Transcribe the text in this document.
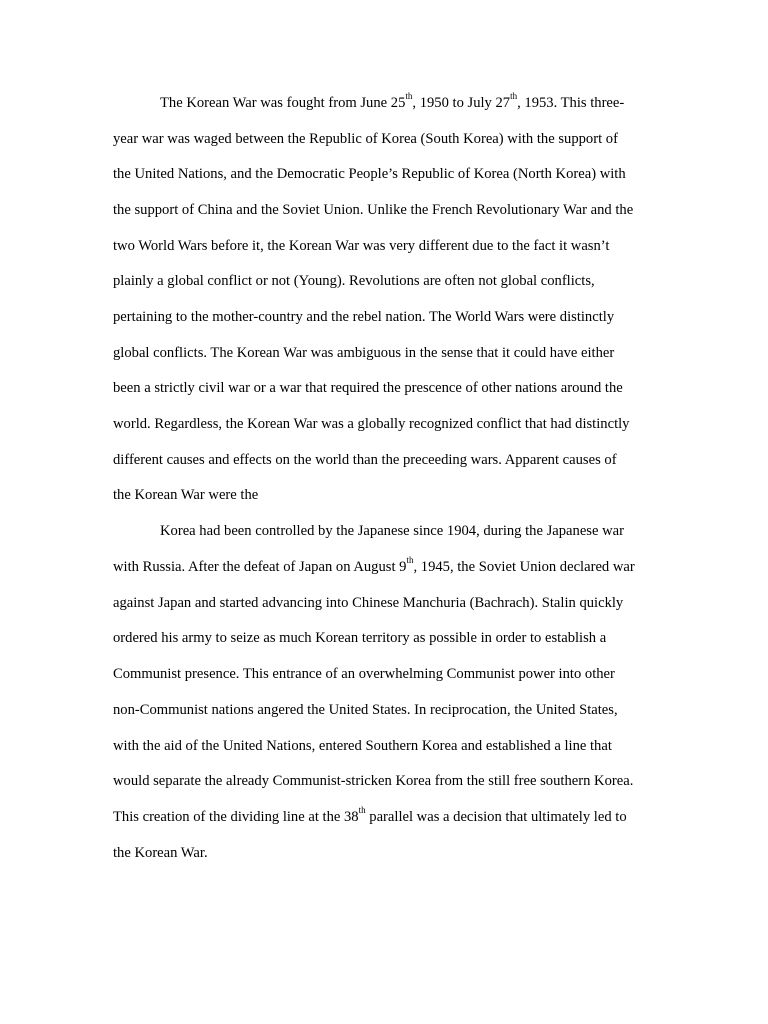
The Korean War was fought from June 25th, 1950 to July 27th, 1953. This three-
year war was waged between the Republic of Korea (South Korea) with the support of
the United Nations, and the Democratic People’s Republic of Korea (North Korea) with
the support of China and the Soviet Union. Unlike the French Revolutionary War and the
two World Wars before it, the Korean War was very different due to the fact it wasn’t
plainly a global conflict or not (Young). Revolutions are often not global conflicts,
pertaining to the mother-country and the rebel nation. The World Wars were distinctly
global conflicts. The Korean War was ambiguous in the sense that it could have either
been a strictly civil war or a war that required the prescence of other nations around the
world. Regardless, the Korean War was a globally recognized conflict that had distinctly
different causes and effects on the world than the preceeding wars. Apparent causes of
the Korean War were the
Korea had been controlled by the Japanese since 1904, during the Japanese war
with Russia. After the defeat of Japan on August 9th, 1945, the Soviet Union declared war
against Japan and started advancing into Chinese Manchuria (Bachrach). Stalin quickly
ordered his army to seize as much Korean territory as possible in order to establish a
Communist presence. This entrance of an overwhelming Communist power into other
non-Communist nations angered the United States. In reciprocation, the United States,
with the aid of the United Nations, entered Southern Korea and established a line that
would separate the already Communist-stricken Korea from the still free southern Korea.
This creation of the dividing line at the 38th parallel was a decision that ultimately led to
the Korean War.
